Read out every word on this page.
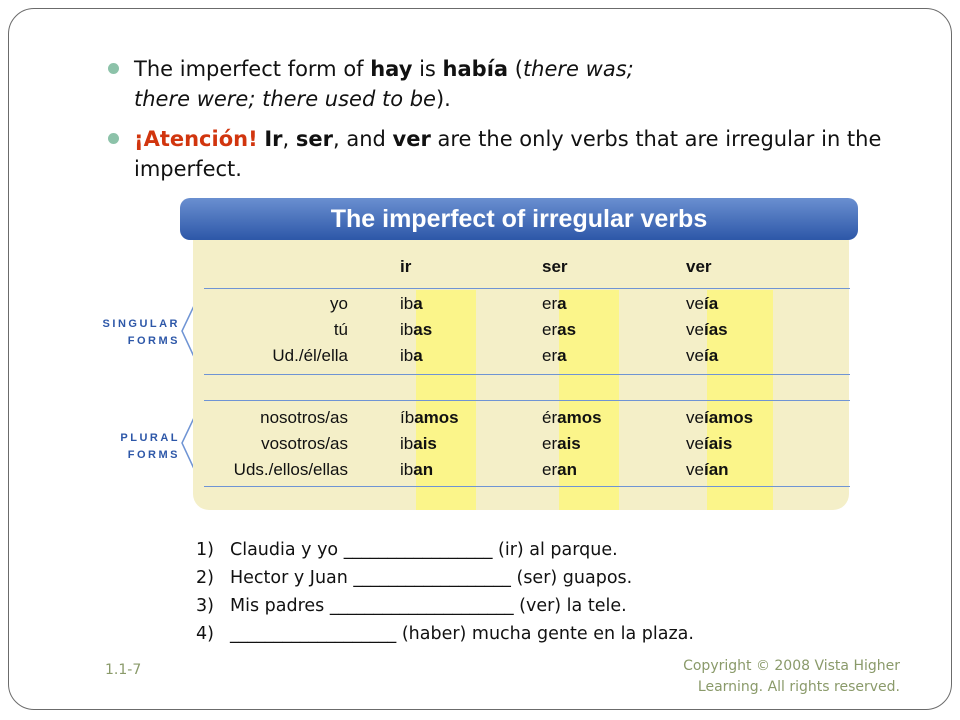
The imperfect form of hay is había (there was;
there were; there used to be).
¡Atención! Ir, ser, and ver are the only verbs that are irregular in the imperfect.
SINGULAR
FORMS
PLURAL
FORMS
The imperfect of irregular verbs
ir	ser	ver
yo	iba	era	veía
tú	ibas	eras	veías
Ud./él/ella	iba	era	veía
nosotros/as	íbamos	éramos	veíamos
vosotros/as	ibais	erais	veíais
Uds./ellos/ellas	iban	eran	veían
1) Claudia y yo _________________ (ir) al parque.
2) Hector y Juan __________________ (ser) guapos.
3) Mis padres _____________________ (ver) la tele.
4) ___________________ (haber) mucha gente en la plaza.
1.1-7	Copyright © 2008 Vista Higher
Learning. All rights reserved.
